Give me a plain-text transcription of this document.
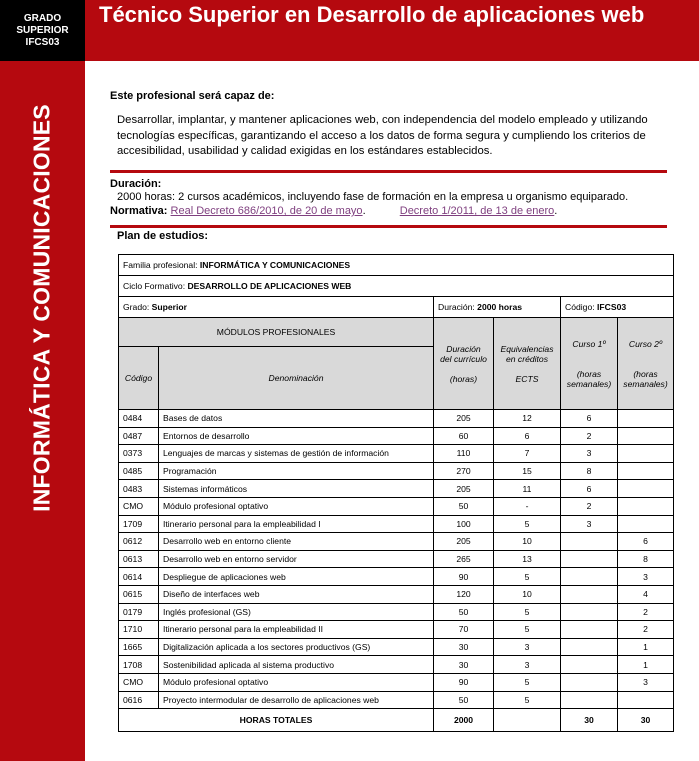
GRADO
SUPERIOR
IFCS03
INFORMÁTICA Y COMUNICACIONES
Técnico Superior en Desarrollo de aplicaciones web
Este profesional será capaz de:
Desarrollar, implantar, y mantener aplicaciones web, con independencia del modelo empleado y utilizando tecnologías específicas, garantizando el acceso a los datos de forma segura y cumpliendo los criterios de accesibilidad, usabilidad y calidad exigidas en los estándares establecidos.
Duración:
2000 horas: 2 cursos académicos, incluyendo fase de formación en la empresa u organismo equiparado.
Normativa: Real Decreto 686/2010, de 20 de mayo.	Decreto 1/2011, de 13 de enero.
Plan de estudios:
Familia profesional: INFORMÁTICA Y COMUNICACIONES					
Ciclo Formativo: DESARROLLO DE APLICACIONES WEB					
Grado: Superior		Duración: 2000 horas		Código: IFCS03	
MÓDULOS PROFESIONALES		Duración
del currículo

(horas)	Equivalencias
en créditos

ECTS	Curso 1º

(horas
semanales)	Curso 2º

(horas
semanales)
Código	Denominación				
0484	Bases de datos	205	12	6	
0487	Entornos de desarrollo	60	6	2	
0373	Lenguajes de marcas y sistemas de gestión de información	110	7	3	
0485	Programación	270	15	8	
0483	Sistemas informáticos	205	11	6	
CMO	Módulo profesional optativo	50	-	2	
1709	Itinerario personal para la empleabilidad I	100	5	3	
0612	Desarrollo web en entorno cliente	205	10		6
0613	Desarrollo web en entorno servidor	265	13		8
0614	Despliegue de aplicaciones web	90	5		3
0615	Diseño de interfaces web	120	10		4
0179	Inglés profesional (GS)	50	5		2
1710	Itinerario personal para la empleabilidad II	70	5		2
1665	Digitalización aplicada a los sectores productivos (GS)	30	3		1
1708	Sostenibilidad aplicada al sistema productivo	30	3		1
CMO	Módulo profesional optativo	90	5		3
0616	Proyecto intermodular de desarrollo de aplicaciones web	50	5		
HORAS TOTALES		2000		30	30
